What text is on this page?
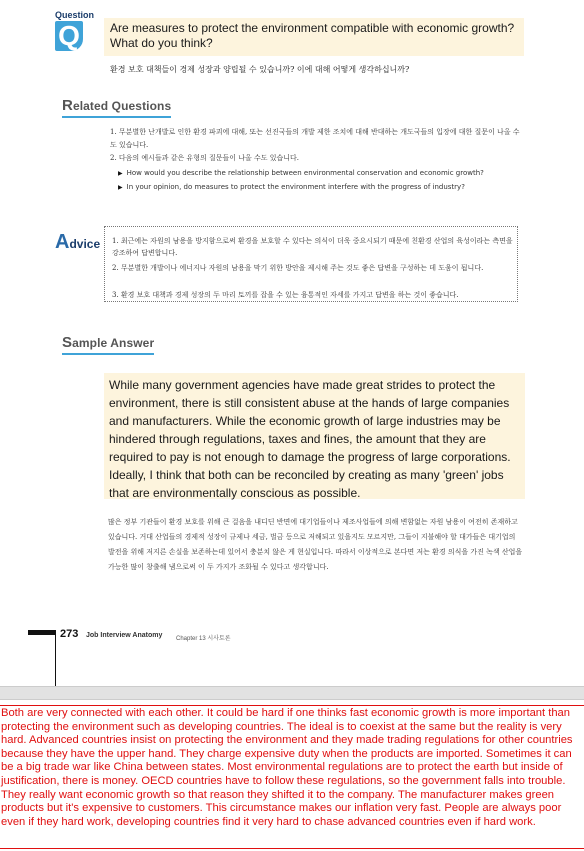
Question
Q	Are measures to protect the environment compatible with economic growth? What do you think?
환경 보호 대책들이 경제 성장과 양립될 수 있습니까? 이에 대해 어떻게 생각하십니까?
Related Questions
1. 무분별한 난개발로 인한 환경 파괴에 대해, 또는 선진국들의 개발 제한 조치에 대해 반대하는 개도국들의 입장에 대한 질문이 나올 수도 있습니다.
2. 다음의 예시들과 같은 유형의 질문들이 나올 수도 있습니다.
▶ How would you describe the relationship between environmental conservation and economic growth?
▶ In your opinion, do measures to protect the environment interfere with the progress of industry?
Advice 1. 최근에는 자원의 남용을 방지함으로써 환경을 보호할 수 있다는 의식이 더욱 중요시되기 때문에 친환경 산업의 육성이라는 측면을 강조하여 답변합니다.
2. 무분별한 개발이나 에너지나 자원의 남용을 막기 위한 방안을 제시해 주는 것도 좋은 답변을 구성하는 데 도움이 됩니다.
3. 환경 보호 대책과 경제 성장의 두 마리 토끼를 잡을 수 있는 융통적인 자세를 가지고 답변을 하는 것이 좋습니다.
Sample Answer
While many government agencies have made great strides to protect the environment, there is still consistent abuse at the hands of large companies and manufacturers. While the economic growth of large industries may be hindered through regulations, taxes and fines, the amount that they are required to pay is not enough to damage the progress of large corporations. Ideally, I think that both can be reconciled by creating as many 'green' jobs that are environmentally conscious as possible.
많은 정부 기관들이 환경 보호를 위해 큰 걸음을 내디딘 반면에 대기업들이나 제조사업들에 의해 변함없는 자원 남용이 여전히 존재하고 있습니다. 거대 산업들의 경제적 성장이 규제나 세금, 벌금 등으로 저해되고 있을지도 모르지만, 그들이 지불해야 할 대가들은 대기업의 발전을 위해 저지른 손실을 보존하는데 있어서 충분치 않은 게 현실입니다. 따라서 이상적으로 본다면 저는 환경 의식을 가진 녹색 산업을 가능한 많이 창출해 냄으로써 이 두 가지가 조화될 수 있다고 생각합니다.
273 Job Interview Anatomy Chapter 13 시사토론
Both are very connected with each other. It could be hard if one thinks fast economic growth is more important than protecting the environment such as developing countries. The ideal is to coexist at the same but the reality is very hard. Advanced countries insist on protecting the environment and they made trading regulations for other countries because they have the upper hand. They charge expensive duty when the products are imported. Sometimes it can be a big trade war like China between states. Most environmental regulations are to protect the earth but inside of justification, there is money. OECD countries have to follow these regulations, so the government falls into trouble. They really want economic growth so that reason they shifted it to the company. The manufacturer makes green products but it's expensive to customers. This circumstance makes our inflation very fast. People are always poor even if they hard work, developing countries find it very hard to chase advanced countries even if hard work.
